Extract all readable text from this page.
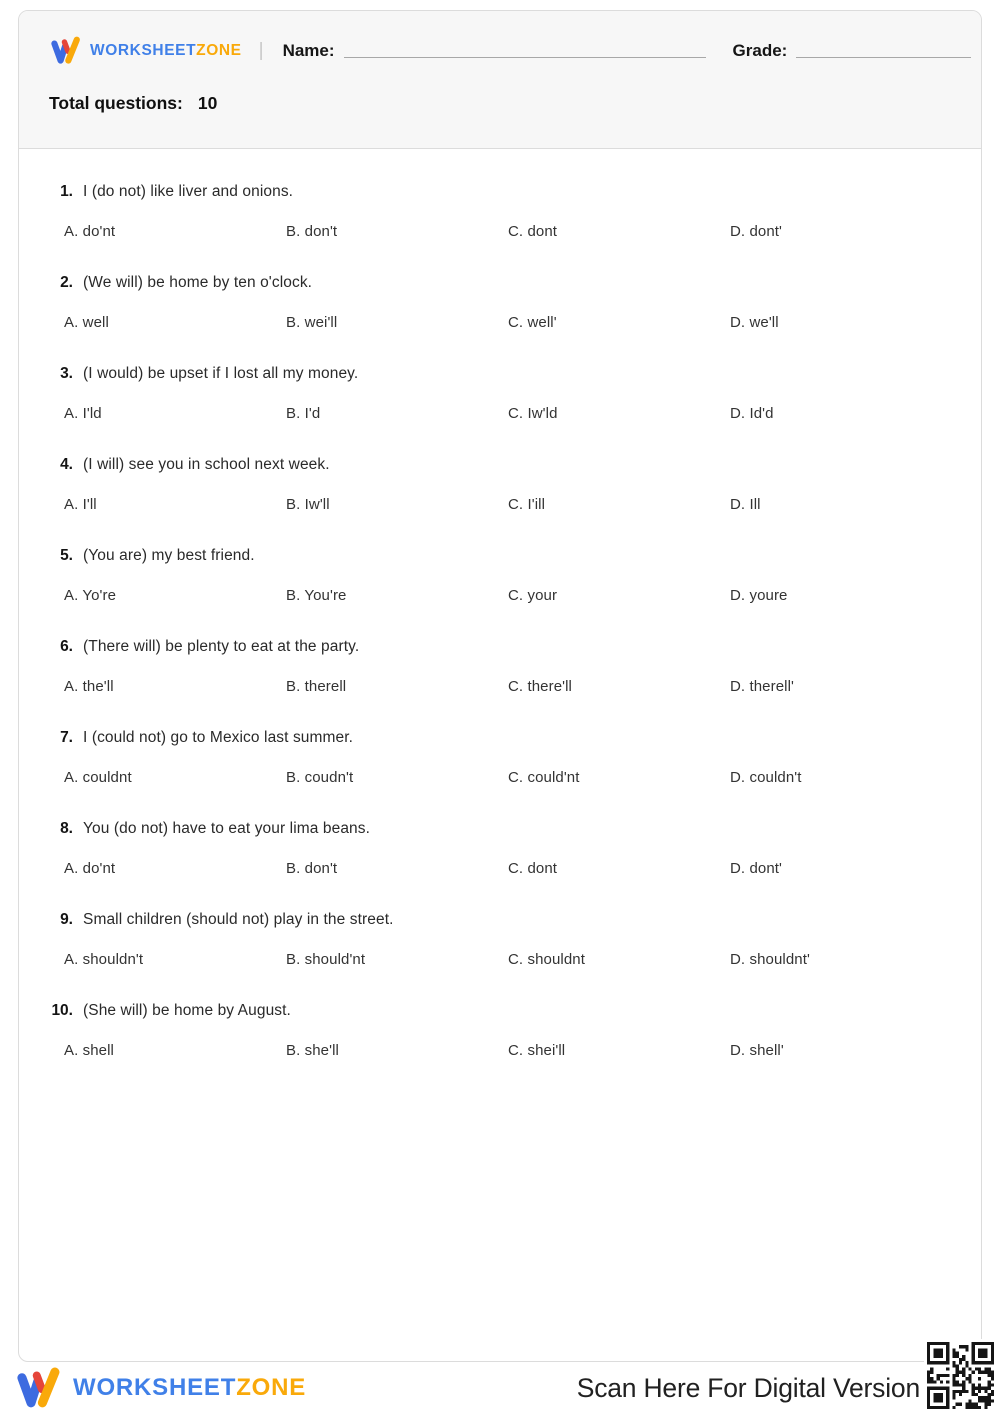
WORKSHEETZONE | Name:	Grade:
Total questions: 10
1. I (do not) like liver and onions.
A. do'nt	B. don't	C. dont	D. dont'
2. (We will) be home by ten o'clock.
A. well	B. wei'll	C. well'	D. we'll
3. (I would) be upset if I lost all my money.
A. I'ld	B. I'd	C. Iw'ld	D. Id'd
4. (I will) see you in school next week.
A. I'll	B. Iw'll	C. I'ill	D. Ill
5. (You are) my best friend.
A. Yo're	B. You're	C. your	D. youre
6. (There will) be plenty to eat at the party.
A. the'll	B. therell	C. there'll	D. therell'
7. I (could not) go to Mexico last summer.
A. couldnt	B. coudn't	C. could'nt	D. couldn't
8. You (do not) have to eat your lima beans.
A. do'nt	B. don't	C. dont	D. dont'
9. Small children (should not) play in the street.
A. shouldn't	B. should'nt	C. shouldnt	D. shouldnt'
10. (She will) be home by August.
A. shell	B. she'll	C. shei'll	D. shell'
WORKSHEETZONE	Scan Here For Digital Version
